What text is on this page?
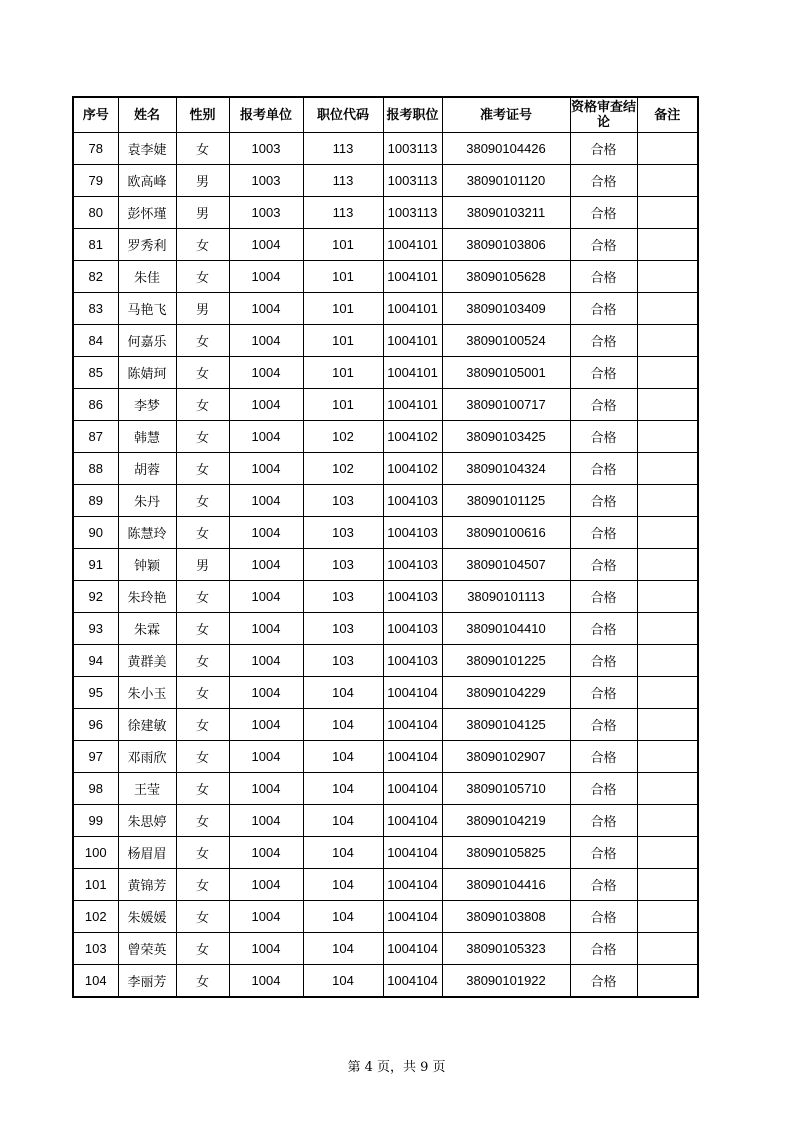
序号	姓名	性别	报考单位	职位代码	报考职位	准考证号	资格审查结论	备注
78	袁李婕	女	1003	113	1003113	38090104426	合格	
79	欧高峰	男	1003	113	1003113	38090101120	合格	
80	彭怀瑾	男	1003	113	1003113	38090103211	合格	
81	罗秀利	女	1004	101	1004101	38090103806	合格	
82	朱佳	女	1004	101	1004101	38090105628	合格	
83	马艳飞	男	1004	101	1004101	38090103409	合格	
84	何嘉乐	女	1004	101	1004101	38090100524	合格	
85	陈婧珂	女	1004	101	1004101	38090105001	合格	
86	李梦	女	1004	101	1004101	38090100717	合格	
87	韩慧	女	1004	102	1004102	38090103425	合格	
88	胡蓉	女	1004	102	1004102	38090104324	合格	
89	朱丹	女	1004	103	1004103	38090101125	合格	
90	陈慧玲	女	1004	103	1004103	38090100616	合格	
91	钟颖	男	1004	103	1004103	38090104507	合格	
92	朱玲艳	女	1004	103	1004103	38090101113	合格	
93	朱霖	女	1004	103	1004103	38090104410	合格	
94	黄群美	女	1004	103	1004103	38090101225	合格	
95	朱小玉	女	1004	104	1004104	38090104229	合格	
96	徐建敏	女	1004	104	1004104	38090104125	合格	
97	邓雨欣	女	1004	104	1004104	38090102907	合格	
98	王莹	女	1004	104	1004104	38090105710	合格	
99	朱思婷	女	1004	104	1004104	38090104219	合格	
100	杨眉眉	女	1004	104	1004104	38090105825	合格	
101	黄锦芳	女	1004	104	1004104	38090104416	合格	
102	朱媛媛	女	1004	104	1004104	38090103808	合格	
103	曾荣英	女	1004	104	1004104	38090105323	合格	
104	李丽芳	女	1004	104	1004104	38090101922	合格	
第 4 页，共 9 页
